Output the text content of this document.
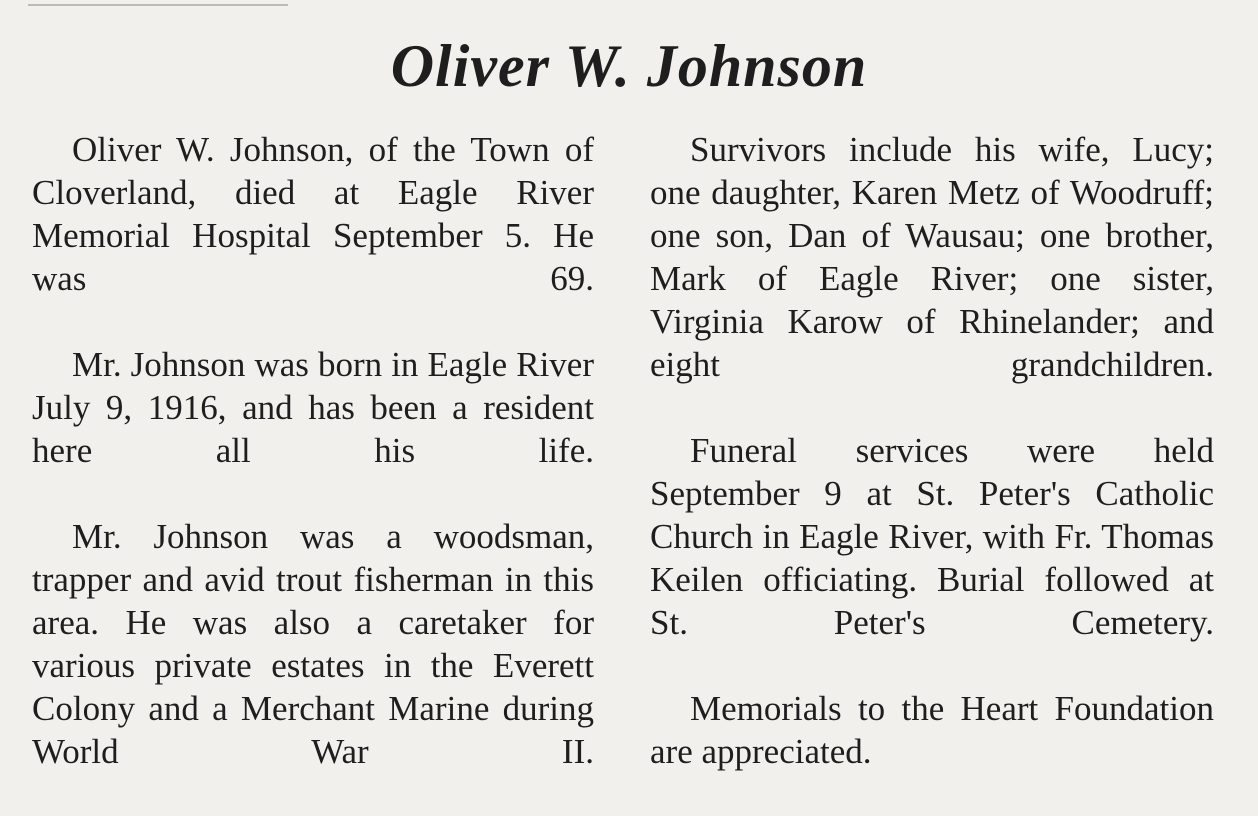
Oliver W. Johnson

Oliver W. Johnson, of the Town of Cloverland, died at Eagle River Memorial Hospital September 5. He was 69.

Mr. Johnson was born in Eagle River July 9, 1916, and has been a resident here all his life.

Mr. Johnson was a woodsman, trapper and avid trout fisherman in this area. He was also a caretaker for various private estates in the Everett Colony and a Merchant Marine during World War II.

Survivors include his wife, Lucy; one daughter, Karen Metz of Woodruff; one son, Dan of Wausau; one brother, Mark of Eagle River; one sister, Virginia Karow of Rhinelander; and eight grandchildren.

Funeral services were held September 9 at St. Peter's Catholic Church in Eagle River, with Fr. Thomas Keilen officiating. Burial followed at St. Peter's Cemetery.

Memorials to the Heart Foundation are appreciated.
